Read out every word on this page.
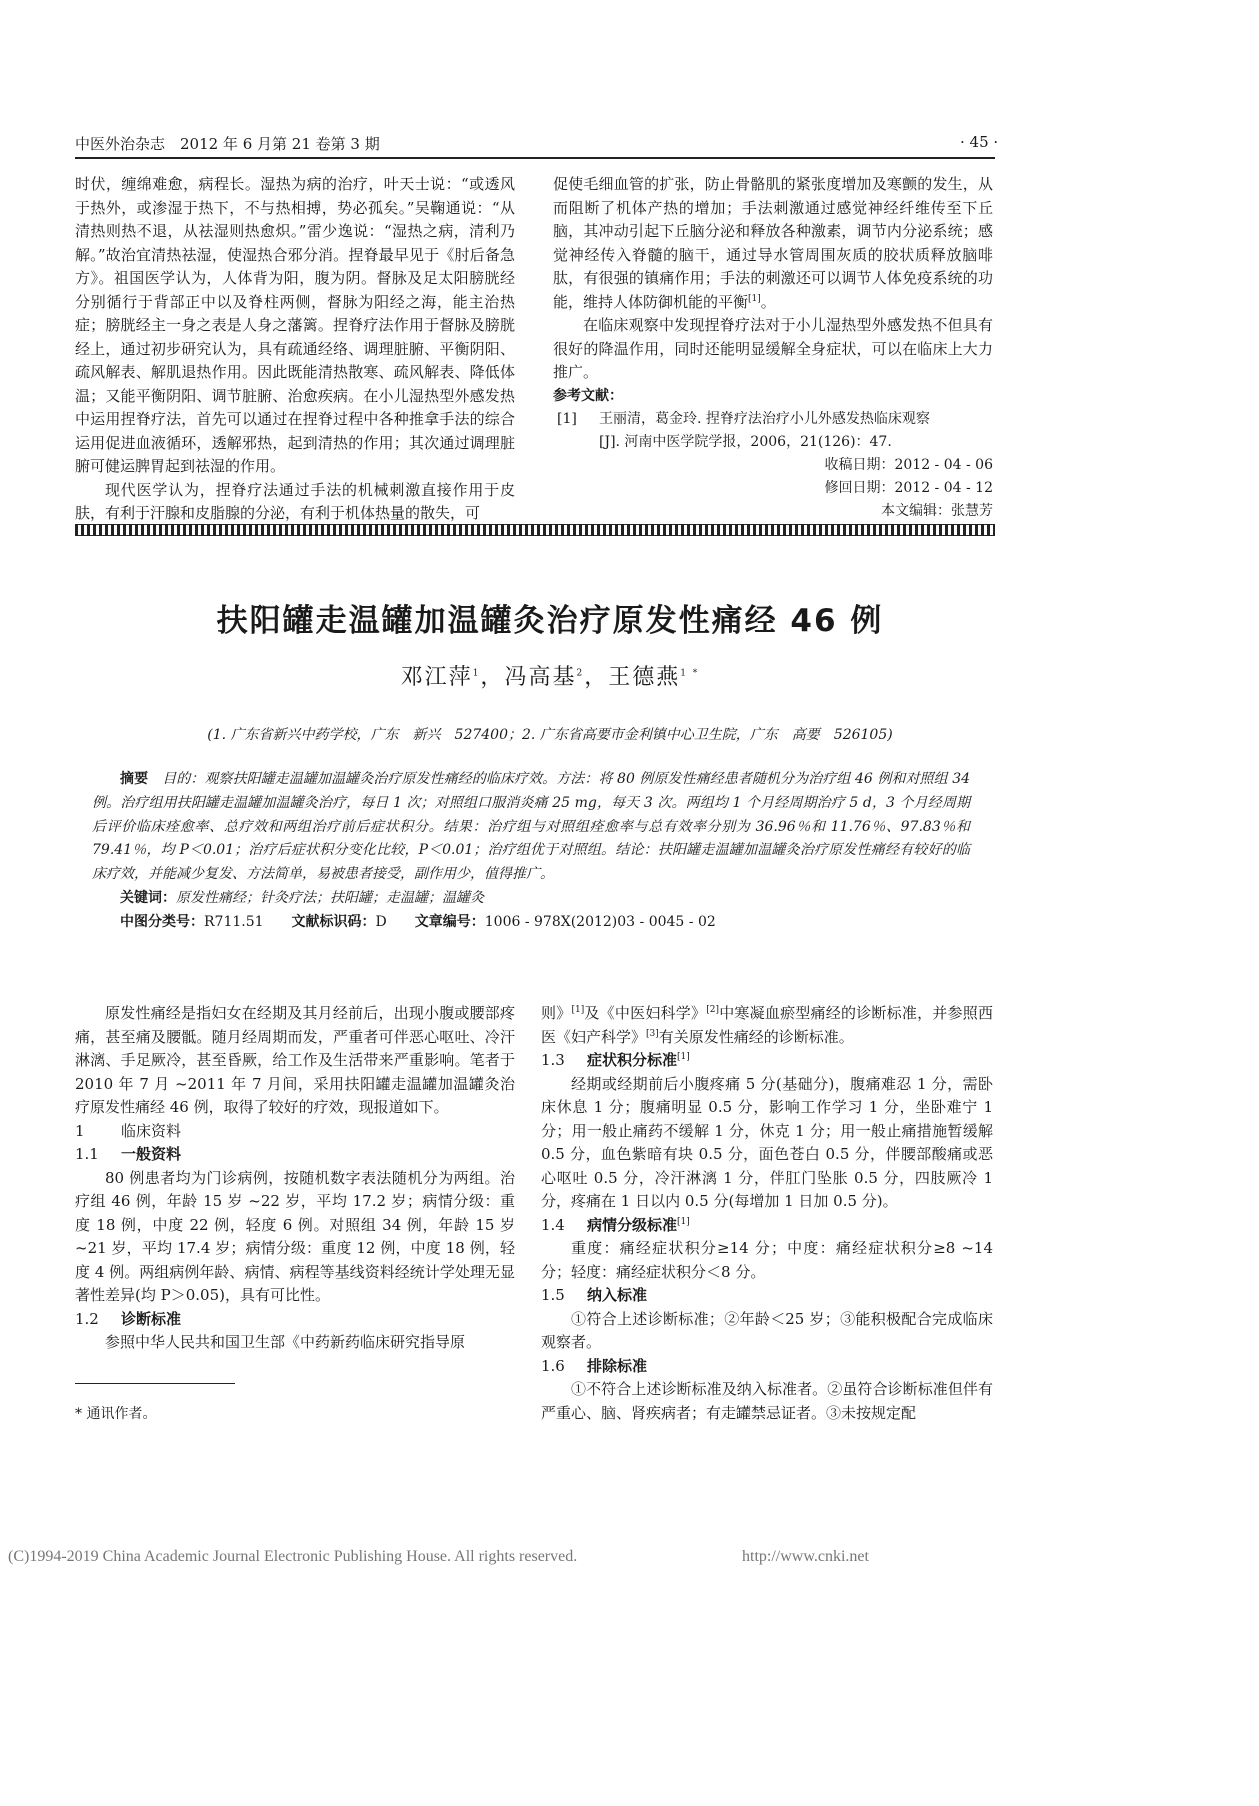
中医外治杂志　2012 年 6 月第 21 卷第 3 期	· 45 ·

时伏，缠绵难愈，病程长。湿热为病的治疗，叶天士说：“或透风于热外，或渗湿于热下，不与热相搏，势必孤矣。”吴鞠通说：“从清热则热不退，从祛湿则热愈炽。”雷少逸说：“湿热之病，清利乃解。”故治宜清热祛湿，使湿热合邪分消。捏脊最早见于《肘后备急方》。祖国医学认为，人体背为阳，腹为阴。督脉及足太阳膀胱经分别循行于背部正中以及脊柱两侧，督脉为阳经之海，能主治热症；膀胱经主一身之表是人身之藩篱。捏脊疗法作用于督脉及膀胱经上，通过初步研究认为，具有疏通经络、调理脏腑、平衡阴阳、疏风解表、解肌退热作用。因此既能清热散寒、疏风解表、降低体温；又能平衡阴阳、调节脏腑、治愈疾病。在小儿湿热型外感发热中运用捏脊疗法，首先可以通过在捏脊过程中各种推拿手法的综合运用促进血液循环，透解邪热，起到清热的作用；其次通过调理脏腑可健运脾胃起到祛湿的作用。

现代医学认为，捏脊疗法通过手法的机械刺激直接作用于皮肤，有利于汗腺和皮脂腺的分泌，有利于机体热量的散失，可

促使毛细血管的扩张，防止骨骼肌的紧张度增加及寒颤的发生，从而阻断了机体产热的增加；手法刺激通过感觉神经纤维传至下丘脑，其冲动引起下丘脑分泌和释放各种激素，调节内分泌系统；感觉神经传入脊髓的脑干，通过导水管周围灰质的胶状质释放脑啡肽，有很强的镇痛作用；手法的刺激还可以调节人体免疫系统的功能，维持人体防御机能的平衡[1]。

在临床观察中发现捏脊疗法对于小儿湿热型外感发热不但具有很好的降温作用，同时还能明显缓解全身症状，可以在临床上大力推广。

参考文献：

[1]	王丽清，葛金玲. 捏脊疗法治疗小儿外感发热临床观察
[J]. 河南中医学院学报，2006，21(126)：47.
收稿日期：2012 - 04 - 06
修回日期：2012 - 04 - 12
本文编辑：张慧芳
扶阳罐走温罐加温罐灸治疗原发性痛经 46 例
邓江萍$^1$，冯高基$^2$，王德燕$^{1 *}$
(1. 广东省新兴中药学校，广东　新兴　527400；2. 广东省高要市金利镇中心卫生院，广东　高要　526105)
摘要　 目的：观察扶阳罐走温罐加温罐灸治疗原发性痛经的临床疗效。方法：将 80 例原发性痛经患者随机分为治疗组 46 例和对照组 34 例。治疗组用扶阳罐走温罐加温罐灸治疗，每日 1 次；对照组口服消炎痛 25 mg，每天 3 次。两组均 1 个月经周期治疗 5 d，3 个月经周期后评价临床痊愈率、总疗效和两组治疗前后症状积分。结果：治疗组与对照组痊愈率与总有效率分别为 36.96％和 11.76％、97.83％和 79.41％，均 P＜0.01；治疗后症状积分变化比较，P＜0.01；治疗组优于对照组。结论：扶阳罐走温罐加温罐灸治疗原发性痛经有较好的临床疗效，并能减少复发、方法简单，易被患者接受，副作用少，值得推广。
关键词：原发性痛经；针灸疗法；扶阳罐；走温罐；温罐灸
中图分类号：R711.51　　 文献标识码：D　　 文章编号：1006 - 978X(2012)03 - 0045 - 02

原发性痛经是指妇女在经期及其月经前后，出现小腹或腰部疼痛，甚至痛及腰骶。随月经周期而发，严重者可伴恶心呕吐、冷汗淋漓、手足厥冷，甚至昏厥，给工作及生活带来严重影响。笔者于 2010 年 7 月 ~2011 年 7 月间，采用扶阳罐走温罐加温罐灸治疗原发性痛经 46 例，取得了较好的疗效，现报道如下。

1 临床资料

1.1 一般资料

80 例患者均为门诊病例，按随机数字表法随机分为两组。治疗组 46 例，年龄 15 岁 ~22 岁，平均 17.2 岁；病情分级：重度 18 例，中度 22 例，轻度 6 例。对照组 34 例，年龄 15 岁 ~21 岁，平均 17.4 岁；病情分级：重度 12 例，中度 18 例，轻度 4 例。两组病例年龄、病情、病程等基线资料经统计学处理无显著性差异(均 P＞0.05)，具有可比性。

1.2 诊断标准

参照中华人民共和国卫生部《中药新药临床研究指导原

* 通讯作者。

则》[1]及《中医妇科学》[2]中寒凝血瘀型痛经的诊断标准，并参照西医《妇产科学》[3]有关原发性痛经的诊断标准。

1.3 症状积分标准[1]

经期或经期前后小腹疼痛 5 分(基础分)，腹痛难忍 1 分，需卧床休息 1 分；腹痛明显 0.5 分，影响工作学习 1 分，坐卧难宁 1 分；用一般止痛药不缓解 1 分，休克 1 分；用一般止痛措施暂缓解 0.5 分，血色紫暗有块 0.5 分，面色苍白 0.5 分，伴腰部酸痛或恶心呕吐 0.5 分，冷汗淋漓 1 分，伴肛门坠胀 0.5 分，四肢厥冷 1 分，疼痛在 1 日以内 0.5 分(每增加 1 日加 0.5 分)。

1.4 病情分级标准[1]

重度：痛经症状积分≥14 分；中度：痛经症状积分≥8 ~14 分；轻度：痛经症状积分＜8 分。

1.5 纳入标准

①符合上述诊断标准；②年龄＜25 岁；③能积极配合完成临床观察者。

1.6 排除标准

①不符合上述诊断标准及纳入标准者。②虽符合诊断标准但伴有严重心、脑、肾疾病者；有走罐禁忌证者。③未按规定配

(C)1994-2019 China Academic Journal Electronic Publishing House. All rights reserved.	http://www.cnki.net
